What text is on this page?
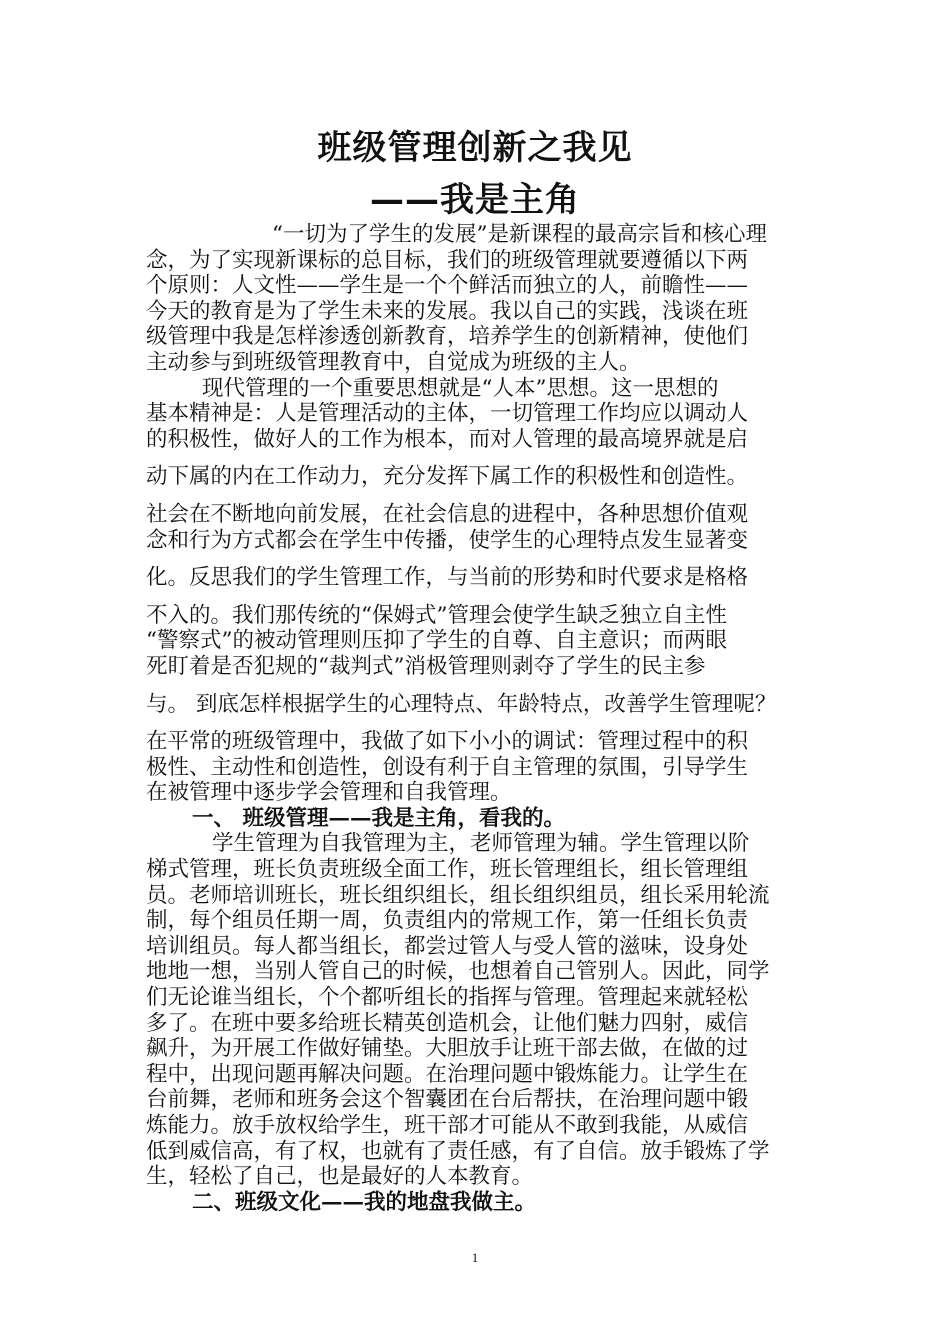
班级管理创新之我见
——我是主角
　　“一切为了学生的发展”是新课程的最高宗旨和核心理
念，为了实现新课标的总目标，我们的班级管理就要遵循以下两
个原则：人文性——学生是一个个鲜活而独立的人，前瞻性——
今天的教育是为了学生未来的发展。我以自己的实践，浅谈在班
级管理中我是怎样渗透创新教育，培养学生的创新精神，使他们
主动参与到班级管理教育中，自觉成为班级的主人。
现代管理的一个重要思想就是“人本”思想。这一思想的
基本精神是：人是管理活动的主体，一切管理工作均应以调动人
的积极性，做好人的工作为根本，而对人管理的最高境界就是启
动下属的内在工作动力，充分发挥下属工作的积极性和创造性。
社会在不断地向前发展，在社会信息的进程中，各种思想价值观
念和行为方式都会在学生中传播，使学生的心理特点发生显著变
化。反思我们的学生管理工作，与当前的形势和时代要求是格格
不入的。我们那传统的“保姆式”管理会使学生缺乏独立自主性
“警察式”的被动管理则压抑了学生的自尊、自主意识；而两眼
死盯着是否犯规的“裁判式”消极管理则剥夺了学生的民主参
与。 到底怎样根据学生的心理特点、年龄特点，改善学生管理呢？
在平常的班级管理中，我做了如下小小的调试：管理过程中的积
极性、主动性和创造性，创设有利于自主管理的氛围，引导学生
在被管理中逐步学会管理和自我管理。
一、 班级管理——我是主角，看我的。
学生管理为自我管理为主，老师管理为辅。学生管理以阶
梯式管理，班长负责班级全面工作，班长管理组长，组长管理组
员。老师培训班长，班长组织组长，组长组织组员，组长采用轮流
制，每个组员任期一周，负责组内的常规工作，第一任组长负责
培训组员。每人都当组长，都尝过管人与受人管的滋味，设身处
地地一想，当别人管自己的时候，也想着自己管别人。因此，同学
们无论谁当组长，个个都听组长的指挥与管理。管理起来就轻松
多了。在班中要多给班长精英创造机会，让他们魅力四射，威信
飙升，为开展工作做好铺垫。大胆放手让班干部去做，在做的过
程中，出现问题再解决问题。在治理问题中锻炼能力。让学生在
台前舞，老师和班务会这个智囊团在台后帮扶，在治理问题中锻
炼能力。放手放权给学生，班干部才可能从不敢到我能，从威信
低到威信高，有了权，也就有了责任感，有了自信。放手锻炼了学
生，轻松了自己，也是最好的人本教育。
二、班级文化——我的地盘我做主。
1
